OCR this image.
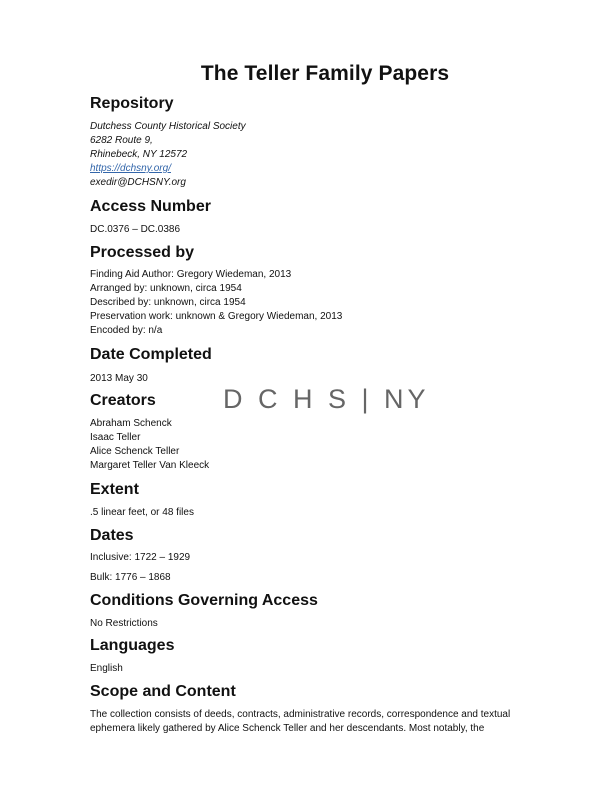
The Teller Family Papers
D C H S | NY
Repository

Dutchess County Historical Society

6282 Route 9,

Rhinebeck, NY 12572

https://dchsny.org/

exedir@DCHSNY.org

Access Number

DC.0376 – DC.0386

Processed by

Finding Aid Author: Gregory Wiedeman, 2013

Arranged by: unknown, circa 1954

Described by: unknown, circa 1954

Preservation work: unknown & Gregory Wiedeman, 2013

Encoded by: n/a

Date Completed

2013 May 30

Creators

Abraham Schenck

Isaac Teller

Alice Schenck Teller

Margaret Teller Van Kleeck

Extent

.5 linear feet, or 48 files

Dates

Inclusive: 1722 – 1929

Bulk: 1776 – 1868

Conditions Governing Access

No Restrictions

Languages

English

Scope and Content

The collection consists of deeds, contracts, administrative records, correspondence and textual

ephemera likely gathered by Alice Schenck Teller and her descendants. Most notably, the
